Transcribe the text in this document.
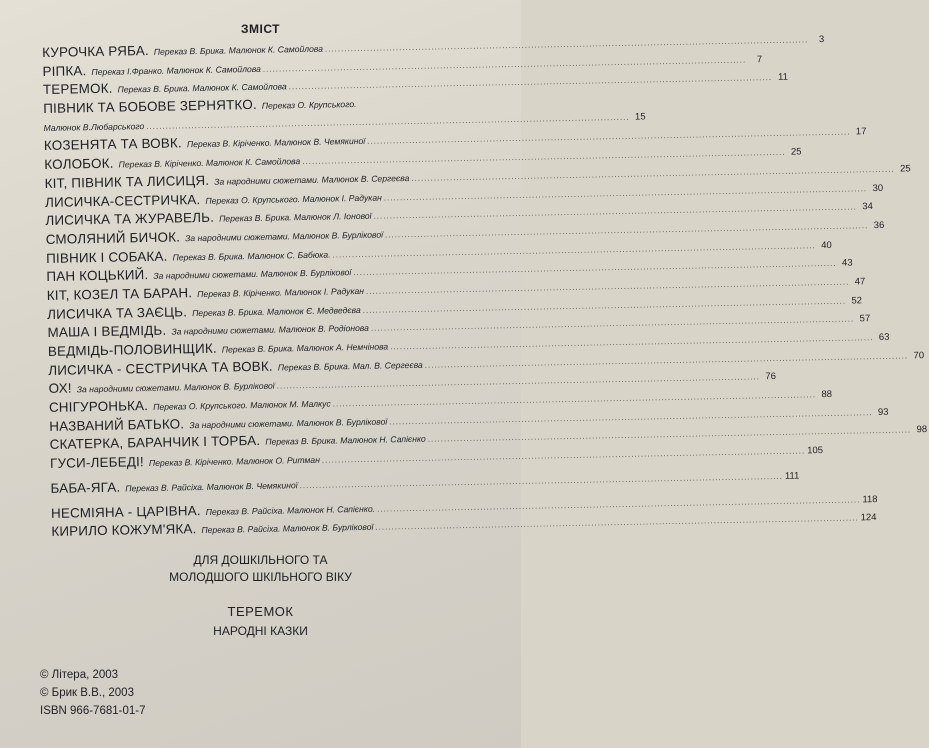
ЗМІСТ
КУРОЧКА РЯБА. Переказ В. Брика. Малюнок К. Самойлова
.....
3
РІПКА. Переказ І.Франко. Малюнок К. Самойлова
.....
7
ТЕРЕМОК. Переказ В. Брика. Малюнок К. Самойлова
.....
11
ПІВНИК ТА БОБОВЕ ЗЕРНЯТКО. Переказ О. Крупського.
Малюнок В.Любарського
.....
15
КОЗЕНЯТА ТА ВОВК. Переказ В. Кіріченко. Малюнок В. Чемякиної
.....
17
КОЛОБОК. Переказ В. Кіріченко. Малюнок К. Самойлова
.....
25
КІТ, ПІВНИК ТА ЛИСИЦЯ. За народними сюжетами. Малюнок В. Сергеєва
.....
25
ЛИСИЧКА-СЕСТРИЧКА. Переказ О. Крупського. Малюнок І. Радукан
.....
30
ЛИСИЧКА ТА ЖУРАВЕЛЬ. Переказ В. Брика. Малюнок Л. Іонової
.....
34
СМОЛЯНИЙ БИЧОК. За народними сюжетами. Малюнок В. Бурлікової
.....
36
ПІВНИК І СОБАКА. Переказ В. Брика. Малюнок С. Бабюка.
.....
40
ПАН КОЦЬКИЙ. За народними сюжетами. Малюнок В. Бурлікової
.....
43
КІТ, КОЗЕЛ ТА БАРАН. Переказ В. Кіріченко. Малюнок І. Радукан
.....
47
ЛИСИЧКА ТА ЗАЄЦЬ. Переказ В. Брика. Малюнок Є. Медведєва
.....
52
МАША І ВЕДМІДЬ. За народними сюжетами. Малюнок В. Родіонова
.....
57
ВЕДМІДЬ-ПОЛОВИНЩИК. Переказ В. Брика. Малюнок А. Немчінова
.....
63
ЛИСИЧКА - СЕСТРИЧКА ТА ВОВК. Переказ В. Брика. Мал. В. Сергеєва
.....
70
ОХ! За народними сюжетами. Малюнок В. Бурлікової
.....
76
СНІГУРОНЬКА. Переказ О. Крупського. Малюнок М. Малкус
.....
88
НАЗВАНИЙ БАТЬКО. За народними сюжетами. Малюнок В. Бурлікової
.....
93
СКАТЕРКА, БАРАНЧИК І ТОРБА. Переказ В. Брика. Малюнок Н. Сапієнко
.....
98
ГУСИ-ЛЕБЕДІ! Переказ В. Кіріченко. Малюнок О. Ритман
.....
105
БАБА-ЯГА. Переказ В. Райсіха. Малюнок В. Чемякиної
.....
111
НЕСМІЯНА - ЦАРІВНА. Переказ В. Райсіха. Малюнок Н. Сапієнко.
.....
118
КИРИЛО КОЖУМ'ЯКА. Переказ В. Райсіха. Малюнок В. Бурлікової
.....
124
ДЛЯ ДОШКІЛЬНОГО ТА
МОЛОДШОГО ШКІЛЬНОГО ВІКУ
ТЕРЕМОК
НАРОДНІ КАЗКИ
© Літера, 2003
© Брик В.В., 2003
ISBN 966-7681-01-7
